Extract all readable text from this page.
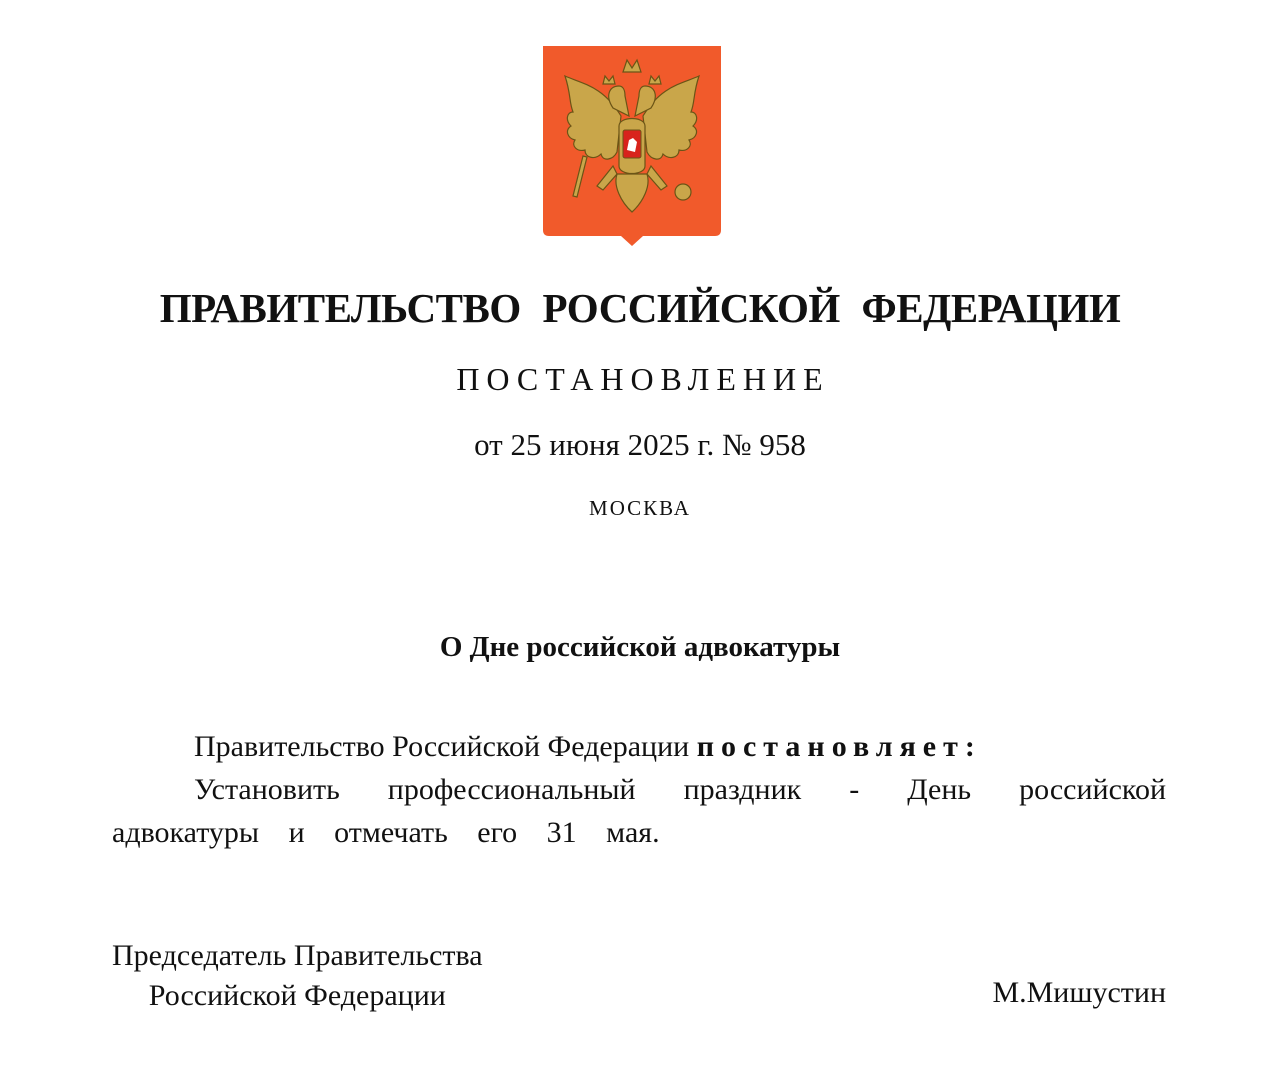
ПРАВИТЕЛЬСТВО РОССИЙСКОЙ ФЕДЕРАЦИИ
ПОСТАНОВЛЕНИЕ
от 25 июня 2025 г. № 958
МОСКВА
О Дне российской адвокатуры
Правительство Российской Федерации постановляет:
Установить профессиональный праздник - День российской адвокатуры и отмечать его 31 мая.
Председатель Правительства
Российской Федерации	М.Мишустин
